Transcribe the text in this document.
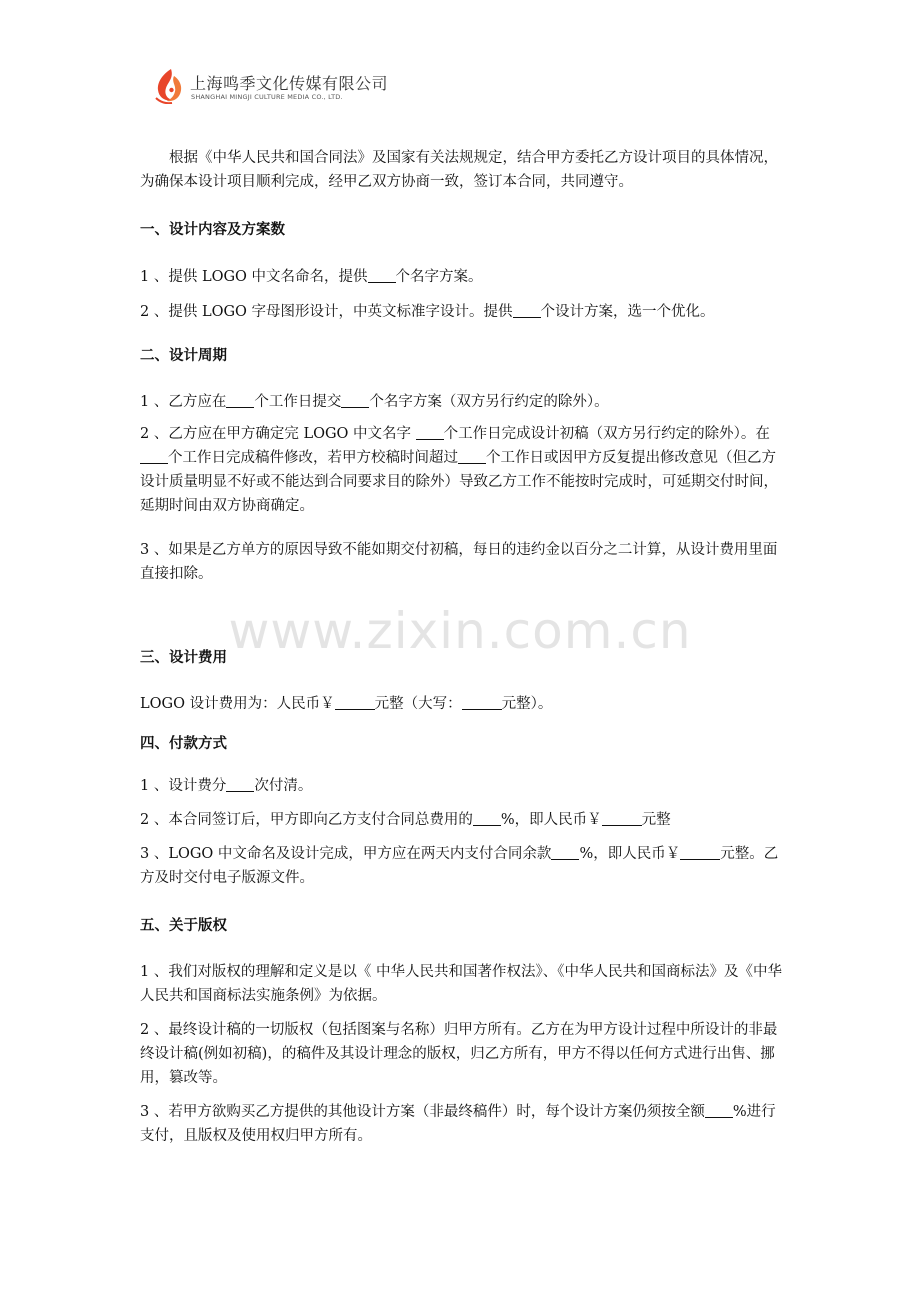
上海鸣季文化传媒有限公司
SHANGHAI MINGJI CULTURE MEDIA CO., LTD.
www.zixin.com.cn

根据《中华人民共和国合同法》及国家有关法规规定，结合甲方委托乙方设计项目的具体情况，为确保本设计项目顺利完成，经甲乙双方协商一致，签订本合同，共同遵守。

一、设计内容及方案数

1 、提供 LOGO 中文名命名，提供 个名字方案。

2 、提供 LOGO 字母图形设计，中英文标准字设计。提供 个设计方案，选一个优化。

二、设计周期

1 、乙方应在 个工作日提交 个名字方案（双方另行约定的除外）。

2 、乙方应在甲方确定完 LOGO 中文名字 个工作日完成设计初稿（双方另行约定的除外）。在个工作日完成稿件修改，若甲方校稿时间超过 个工作日或因甲方反复提出修改意见（但乙方设计质量明显不好或不能达到合同要求目的除外）导致乙方工作不能按时完成时，可延期交付时间，延期时间由双方协商确定。

3 、如果是乙方单方的原因导致不能如期交付初稿，每日的违约金以百分之二计算，从设计费用里面直接扣除。

三、设计费用

LOGO 设计费用为：人民币￥	元整（大写：	元整）。

四、付款方式

1 、设计费分 次付清。

2 、本合同签订后，甲方即向乙方支付合同总费用的 %，即人民币￥	元整

3 、LOGO 中文命名及设计完成，甲方应在两天内支付合同余款 %，即人民币￥	元整。乙方及时交付电子版源文件。

五、关于版权

1 、我们对版权的理解和定义是以《 中华人民共和国著作权法》、《中华人民共和国商标法》及《中华人民共和国商标法实施条例》为依据。

2 、最终设计稿的一切版权（包括图案与名称）归甲方所有。乙方在为甲方设计过程中所设计的非最终设计稿(例如初稿)，的稿件及其设计理念的版权，归乙方所有，甲方不得以任何方式进行出售、挪用，篡改等。

3 、若甲方欲购买乙方提供的其他设计方案（非最终稿件）时，每个设计方案仍须按全额 %进行支付，且版权及使用权归甲方所有。
